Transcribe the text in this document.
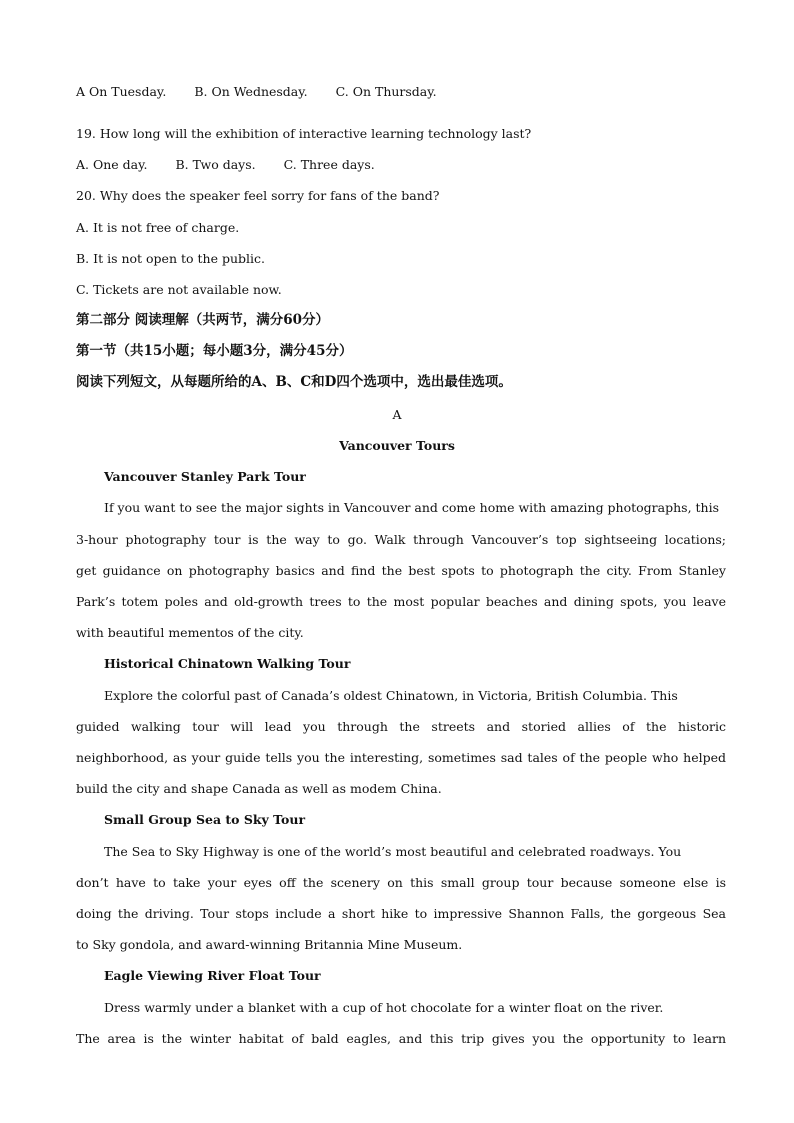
A On Tuesday. B. On Wednesday. C. On Thursday.
19. How long will the exhibition of interactive learning technology last?
A. One day. B. Two days. C. Three days.
20. Why does the speaker feel sorry for fans of the band?
A. It is not free of charge.
B. It is not open to the public.
C. Tickets are not available now.
第二部分 阅读理解（共两节，满分60分）
第一节（共15小题；每小题3分，满分45分）
阅读下列短文，从每题所给的A、B、C和D四个选项中，选出最佳选项。
A
Vancouver Tours
Vancouver Stanley Park Tour
If you want to see the major sights in Vancouver and come home with amazing photographs, this
3-hour photography tour is the way to go. Walk through Vancouver’s top sightseeing locations;
get guidance on photography basics and find the best spots to photograph the city. From Stanley
Park’s totem poles and old-growth trees to the most popular beaches and dining spots, you leave
with beautiful mementos of the city.
Historical Chinatown Walking Tour
Explore the colorful past of Canada’s oldest Chinatown, in Victoria, British Columbia. This
guided walking tour will lead you through the streets and storied allies of the historic
neighborhood, as your guide tells you the interesting, sometimes sad tales of the people who helped
build the city and shape Canada as well as modem China.
Small Group Sea to Sky Tour
The Sea to Sky Highway is one of the world’s most beautiful and celebrated roadways. You
don’t have to take your eyes off the scenery on this small group tour because someone else is
doing the driving. Tour stops include a short hike to impressive Shannon Falls, the gorgeous Sea
to Sky gondola, and award-winning Britannia Mine Museum.
Eagle Viewing River Float Tour
Dress warmly under a blanket with a cup of hot chocolate for a winter float on the river.
The area is the winter habitat of bald eagles, and this trip gives you the opportunity to learn
